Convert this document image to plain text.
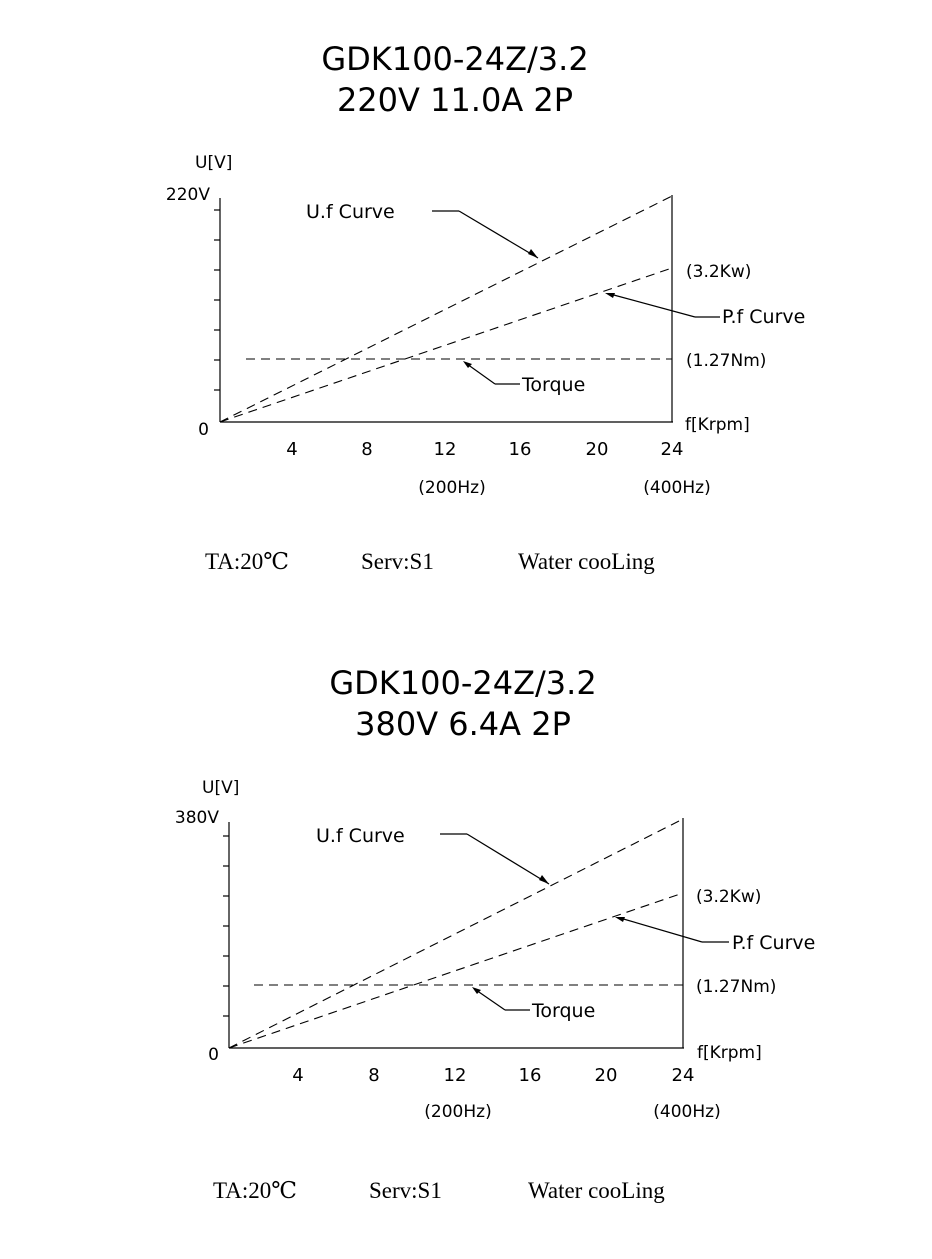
GDK100-24Z/3.2
220V 11.0A 2P
U[V]
220V
0
4	8	12	16	20	24
f[Krpm]
(200Hz)	(400Hz)
U.f Curve
P.f Curve
Torque
(3.2Kw)
(1.27Nm)
TA:20℃	Serv:S1	Water cooLing
GDK100-24Z/3.2
380V 6.4A 2P
U[V]
380V
0
4	8	12	16	20	24
f[Krpm]
(200Hz)	(400Hz)
U.f Curve
P.f Curve
Torque
(3.2Kw)
(1.27Nm)
TA:20℃	Serv:S1	Water cooLing
